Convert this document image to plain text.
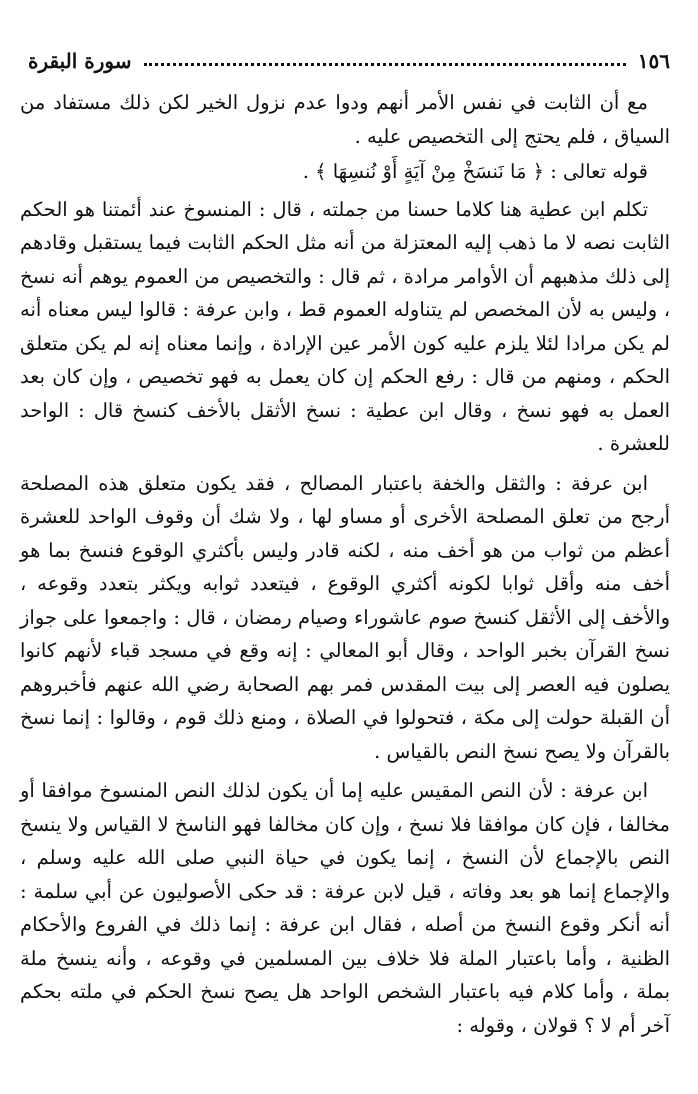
١٥٦
سورة البقرة

مع أن الثابت في نفس الأمر أنهم ودوا عدم نزول الخير لكن ذلك مستفاد من السياق ، فلم يحتج إلى التخصيص عليه .

قوله تعالى : ﴿ مَا نَنسَخْ مِنْ آيَةٍ أَوْ نُنسِهَا ﴾ .

تكلم ابن عطية هنا كلاما حسنا من جملته ، قال : المنسوخ عند أئمتنا هو الحكم الثابت نصه لا ما ذهب إليه المعتزلة من أنه مثل الحكم الثابت فيما يستقبل وقادهم إلى ذلك مذهبهم أن الأوامر مرادة ، ثم قال : والتخصيص من العموم يوهم أنه نسخ ، وليس به لأن المخصص لم يتناوله العموم قط ، وابن عرفة : قالوا ليس معناه أنه لم يكن مرادا لئلا يلزم عليه كون الأمر عين الإرادة ، وإنما معناه إنه لم يكن متعلق الحكم ، ومنهم من قال : رفع الحكم إن كان يعمل به فهو تخصيص ، وإن كان بعد العمل به فهو نسخ ، وقال ابن عطية : نسخ الأثقل بالأخف كنسخ قال : الواحد للعشرة .

ابن عرفة : والثقل والخفة باعتبار المصالح ، فقد يكون متعلق هذه المصلحة أرجح من تعلق المصلحة الأخرى أو مساو لها ، ولا شك أن وقوف الواحد للعشرة أعظم من ثواب من هو أخف منه ، لكنه قادر وليس بأكثري الوقوع فنسخ بما هو أخف منه وأقل ثوابا لكونه أكثري الوقوع ، فيتعدد ثوابه ويكثر بتعدد وقوعه ، والأخف إلى الأثقل كنسخ صوم عاشوراء وصيام رمضان ، قال : واجمعوا على جواز نسخ القرآن بخبر الواحد ، وقال أبو المعالي : إنه وقع في مسجد قباء لأنهم كانوا يصلون فيه العصر إلى بيت المقدس فمر بهم الصحابة رضي الله عنهم فأخبروهم أن القبلة حولت إلى مكة ، فتحولوا في الصلاة ، ومنع ذلك قوم ، وقالوا : إنما نسخ بالقرآن ولا يصح نسخ النص بالقياس .

ابن عرفة : لأن النص المقيس عليه إما أن يكون لذلك النص المنسوخ موافقا أو مخالفا ، فإن كان موافقا فلا نسخ ، وإن كان مخالفا فهو الناسخ لا القياس ولا ينسخ النص بالإجماع لأن النسخ ، إنما يكون في حياة النبي صلى الله عليه وسلم ، والإجماع إنما هو بعد وفاته ، قيل لابن عرفة : قد حكى الأصوليون عن أبي سلمة : أنه أنكر وقوع النسخ من أصله ، فقال ابن عرفة : إنما ذلك في الفروع والأحكام الظنية ، وأما باعتبار الملة فلا خلاف بين المسلمين في وقوعه ، وأنه ينسخ ملة بملة ، وأما كلام فيه باعتبار الشخص الواحد هل يصح نسخ الحكم في ملته بحكم آخر أم لا ؟ قولان ، وقوله :
